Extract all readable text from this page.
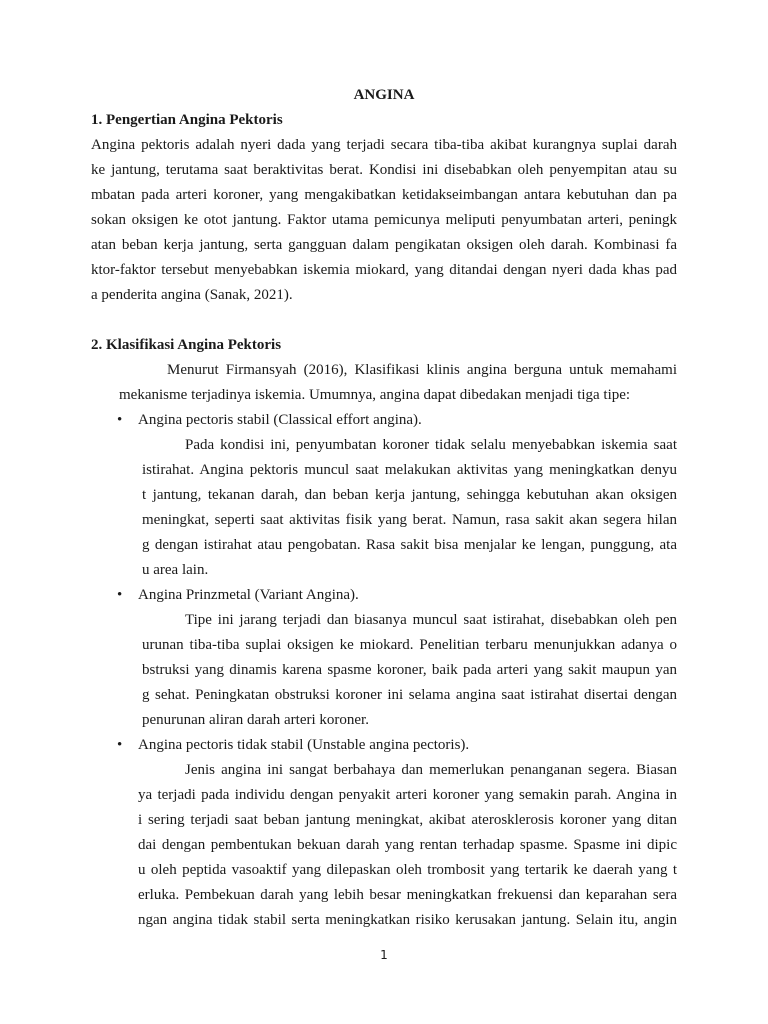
ANGINA
1. Pengertian Angina Pektoris
Angina pektoris adalah nyeri dada yang terjadi secara tiba-tiba akibat kurangnya suplai darah
ke jantung, terutama saat beraktivitas berat. Kondisi ini disebabkan oleh penyempitan atau su
mbatan pada arteri koroner, yang mengakibatkan ketidakseimbangan antara kebutuhan dan pa
sokan oksigen ke otot jantung. Faktor utama pemicunya meliputi penyumbatan arteri, peningk
atan beban kerja jantung, serta gangguan dalam pengikatan oksigen oleh darah. Kombinasi fa
ktor-faktor tersebut menyebabkan iskemia miokard, yang ditandai dengan nyeri dada khas pad
a penderita angina (Sanak, 2021).
2. Klasifikasi Angina Pektoris
Menurut Firmansyah (2016), Klasifikasi klinis angina berguna untuk memahami
mekanisme terjadinya iskemia. Umumnya, angina dapat dibedakan menjadi tiga tipe:
• Angina pectoris stabil (Classical effort angina).
Pada kondisi ini, penyumbatan koroner tidak selalu menyebabkan iskemia saat
istirahat. Angina pektoris muncul saat melakukan aktivitas yang meningkatkan denyu
t jantung, tekanan darah, dan beban kerja jantung, sehingga kebutuhan akan oksigen
meningkat, seperti saat aktivitas fisik yang berat. Namun, rasa sakit akan segera hilan
g dengan istirahat atau pengobatan. Rasa sakit bisa menjalar ke lengan, punggung, ata
u area lain.
• Angina Prinzmetal (Variant Angina).
Tipe ini jarang terjadi dan biasanya muncul saat istirahat, disebabkan oleh pen
urunan tiba-tiba suplai oksigen ke miokard. Penelitian terbaru menunjukkan adanya o
bstruksi yang dinamis karena spasme koroner, baik pada arteri yang sakit maupun yan
g sehat. Peningkatan obstruksi koroner ini selama angina saat istirahat disertai dengan
penurunan aliran darah arteri koroner.
• Angina pectoris tidak stabil (Unstable angina pectoris).
Jenis angina ini sangat berbahaya dan memerlukan penanganan segera. Biasan
ya terjadi pada individu dengan penyakit arteri koroner yang semakin parah. Angina in
i sering terjadi saat beban jantung meningkat, akibat aterosklerosis koroner yang ditan
dai dengan pembentukan bekuan darah yang rentan terhadap spasme. Spasme ini dipic
u oleh peptida vasoaktif yang dilepaskan oleh trombosit yang tertarik ke daerah yang t
erluka. Pembekuan darah yang lebih besar meningkatkan frekuensi dan keparahan sera
ngan angina tidak stabil serta meningkatkan risiko kerusakan jantung. Selain itu, angin
1
